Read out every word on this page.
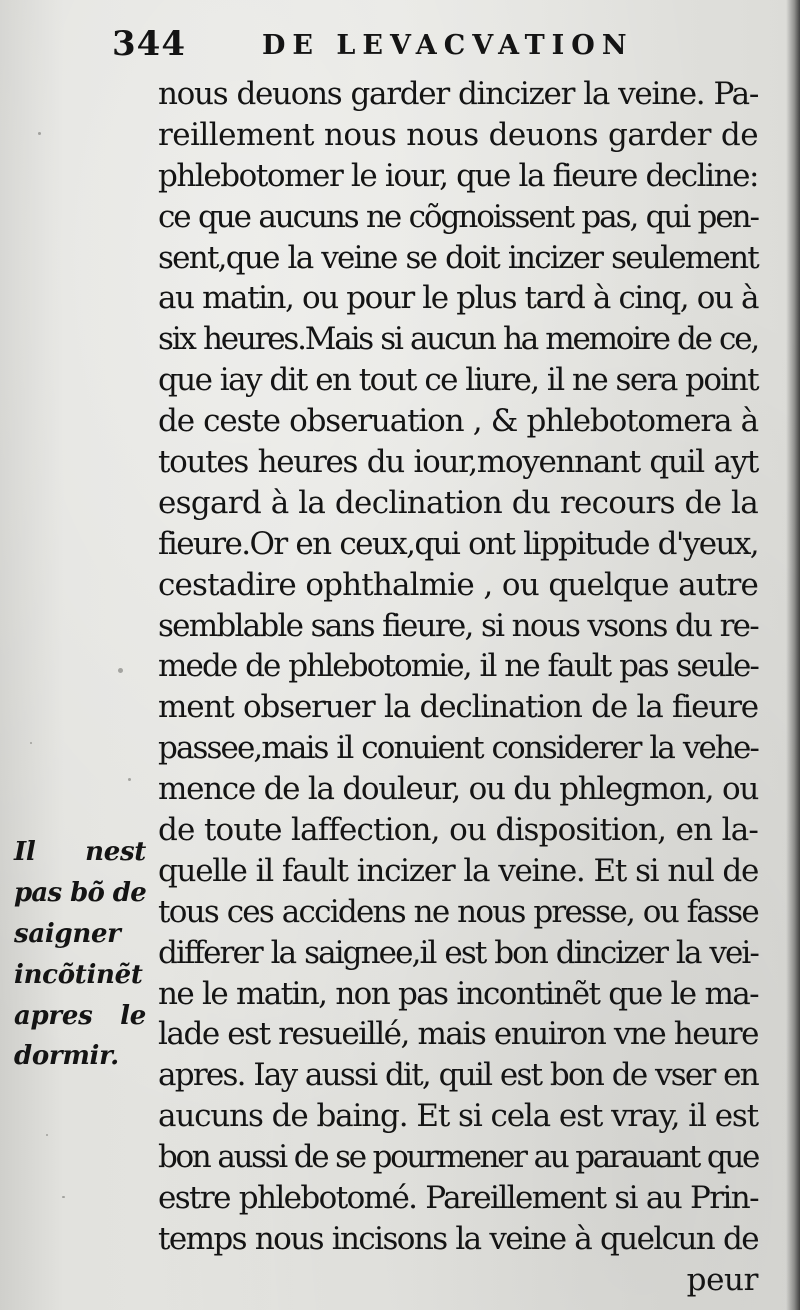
344	DE LEVACVATION
nous deuons garder dincizer la veine. Pa-
reillement nous nous deuons garder de
phlebotomer le iour, que la fieure decline:
ce que aucuns ne cõgnoissent pas, qui pen-
sent,que la veine se doit incizer seulement
au matin, ou pour le plus tard à cinq, ou à
six heures.Mais si aucun ha memoire de ce,
que iay dit en tout ce liure, il ne sera point
de ceste obseruation , & phlebotomera à
toutes heures du iour,moyennant quil ayt
esgard à la declination du recours de la
fieure.Or en ceux,qui ont lippitude d'yeux,
cestadire ophthalmie , ou quelque autre
semblable sans fieure, si nous vsons du re-
mede de phlebotomie, il ne fault pas seule-
ment obseruer la declination de la fieure
passee,mais il conuient considerer la vehe-
mence de la douleur, ou du phlegmon, ou
de toute laffection, ou disposition, en la-
quelle il fault incizer la veine. Et si nul de
tous ces accidens ne nous presse, ou fasse
differer la saignee,il est bon dincizer la vei-
ne le matin, non pas incontinẽt que le ma-
lade est resueillé, mais enuiron vne heure
apres. Iay aussi dit, quil est bon de vser en
aucuns de baing. Et si cela est vray, il est
bon aussi de se pourmener au parauant que
estre phlebotomé. Pareillement si au Prin-
temps nous incisons la veine à quelcun de
peur
Il nest
pas bõ de
saigner
incõtinẽt
apres le
dormir.
